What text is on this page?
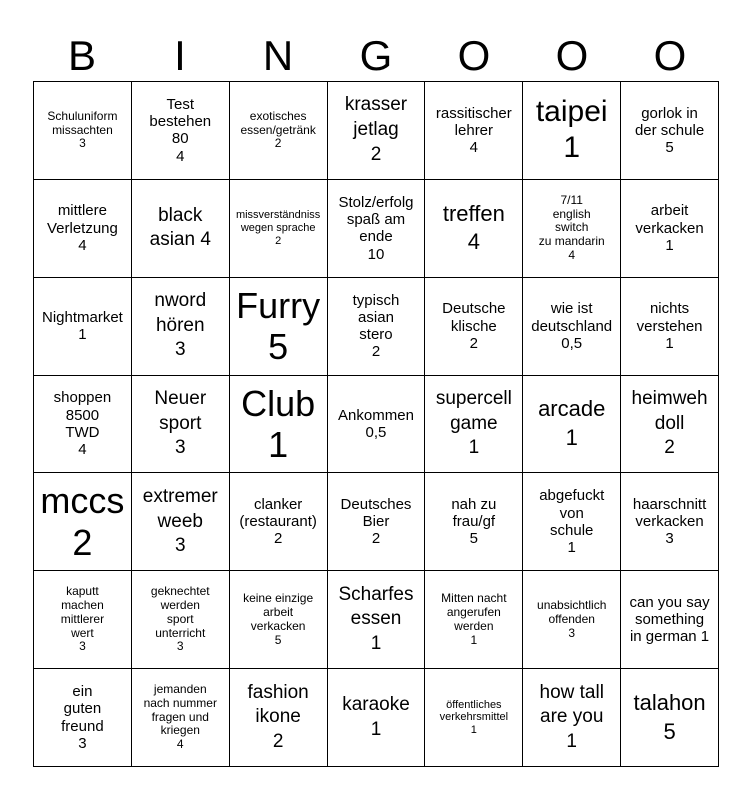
B	I	N	G	O	O	O
Schuluniform
missachten
3
Test
bestehen
80
4
exotisches
essen/getränk
2
krasser
jetlag
2
rassitischer
lehrer
4
taipei
1
gorlok in
der schule
5
mittlere
Verletzung
4
black
asian 4
missverständniss
wegen sprache
2
Stolz/erfolg
spaß am
ende
10
treffen
4
7/11
english
switch
zu mandarin
4
arbeit
verkacken
1
Nightmarket
1
nword
hören
3
Furry
5
typisch
asian
stero
2
Deutsche
klische
2
wie ist
deutschland
0,5
nichts
verstehen
1
shoppen
8500
TWD
4
Neuer
sport
3
Club
1
Ankommen
0,5
supercell
game
1
arcade
1
heimweh
doll
2
mccs
2
extremer
weeb
3
clanker
(restaurant)
2
Deutsches
Bier
2
nah zu
frau/gf
5
abgefuckt
von
schule
1
haarschnitt
verkacken
3
kaputt
machen
mittlerer
wert
3
geknechtet
werden
sport
unterricht
3
keine einzige
arbeit
verkacken
5
Scharfes
essen
1
Mitten nacht
angerufen
werden
1
unabsichtlich
offenden
3
can you say
something
in german 1
ein
guten
freund
3
jemanden
nach nummer
fragen und
kriegen
4
fashion
ikone
2
karaoke
1
öffentliches
verkehrsmittel
1
how tall
are you
1
talahon
5
